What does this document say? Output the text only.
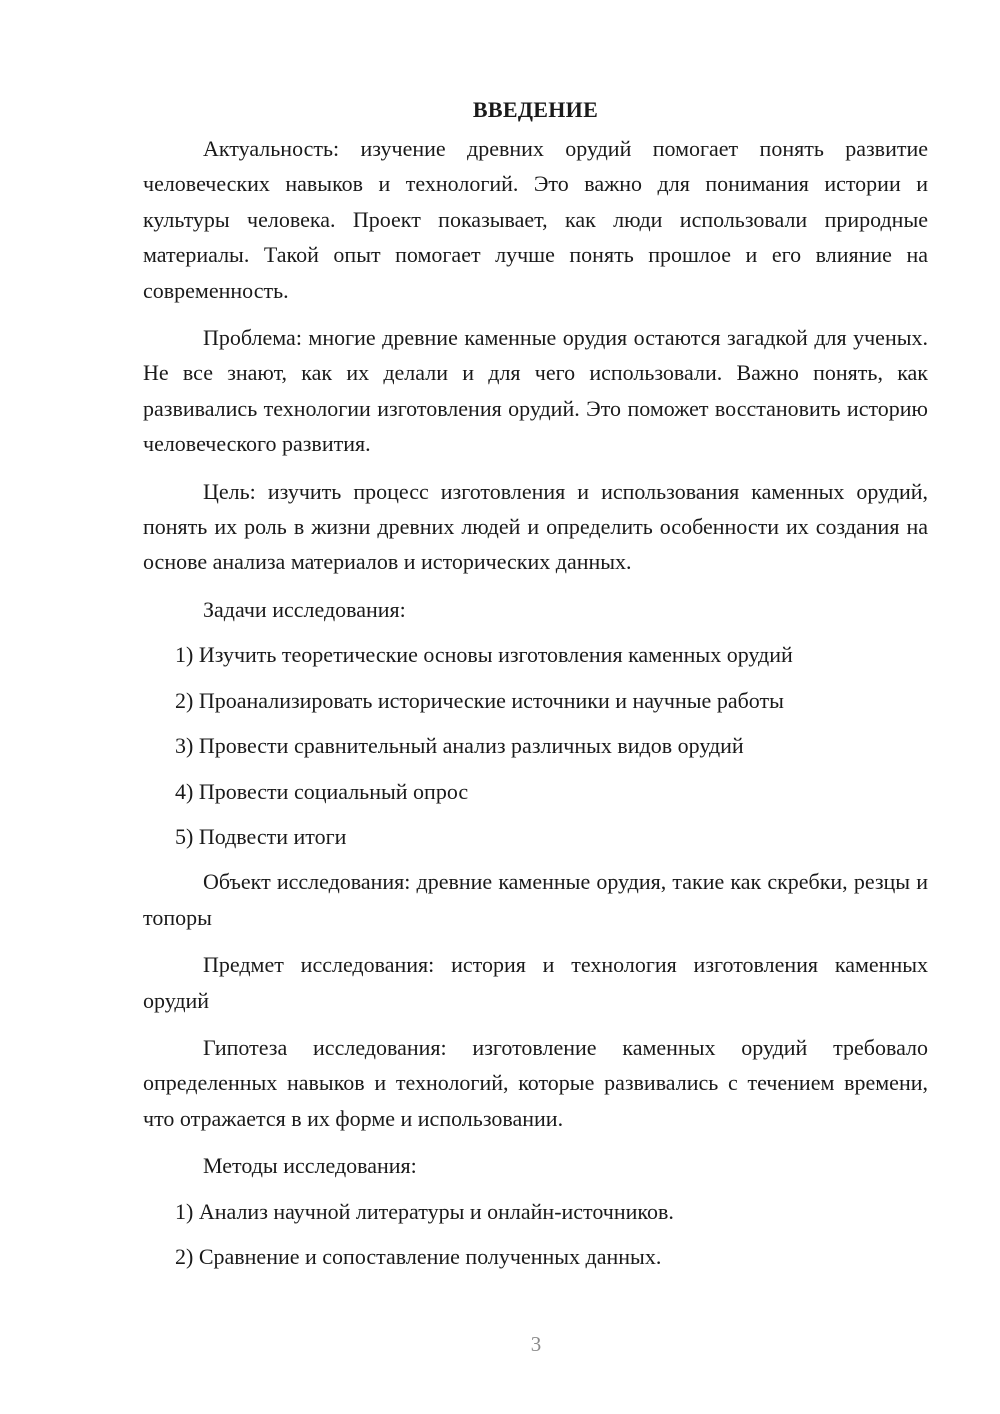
ВВЕДЕНИЕ

Актуальность: изучение древних орудий помогает понять развитие человеческих навыков и технологий. Это важно для понимания истории и культуры человека. Проект показывает, как люди использовали природные материалы. Такой опыт помогает лучше понять прошлое и его влияние на современность.

Проблема: многие древние каменные орудия остаются загадкой для ученых. Не все знают, как их делали и для чего использовали. Важно понять, как развивались технологии изготовления орудий. Это поможет восстановить историю человеческого развития.

Цель: изучить процесс изготовления и использования каменных орудий, понять их роль в жизни древних людей и определить особенности их создания на основе анализа материалов и исторических данных.

Задачи исследования:

1) Изучить теоретические основы изготовления каменных орудий
2) Проанализировать исторические источники и научные работы
3) Провести сравнительный анализ различных видов орудий
4) Провести социальный опрос
5) Подвести итоги

Объект исследования: древние каменные орудия, такие как скребки, резцы и топоры

Предмет исследования: история и технология изготовления каменных орудий

Гипотеза исследования: изготовление каменных орудий требовало определенных навыков и технологий, которые развивались с течением времени, что отражается в их форме и использовании.

Методы исследования:

1) Анализ научной литературы и онлайн-источников.
2) Сравнение и сопоставление полученных данных.
3
